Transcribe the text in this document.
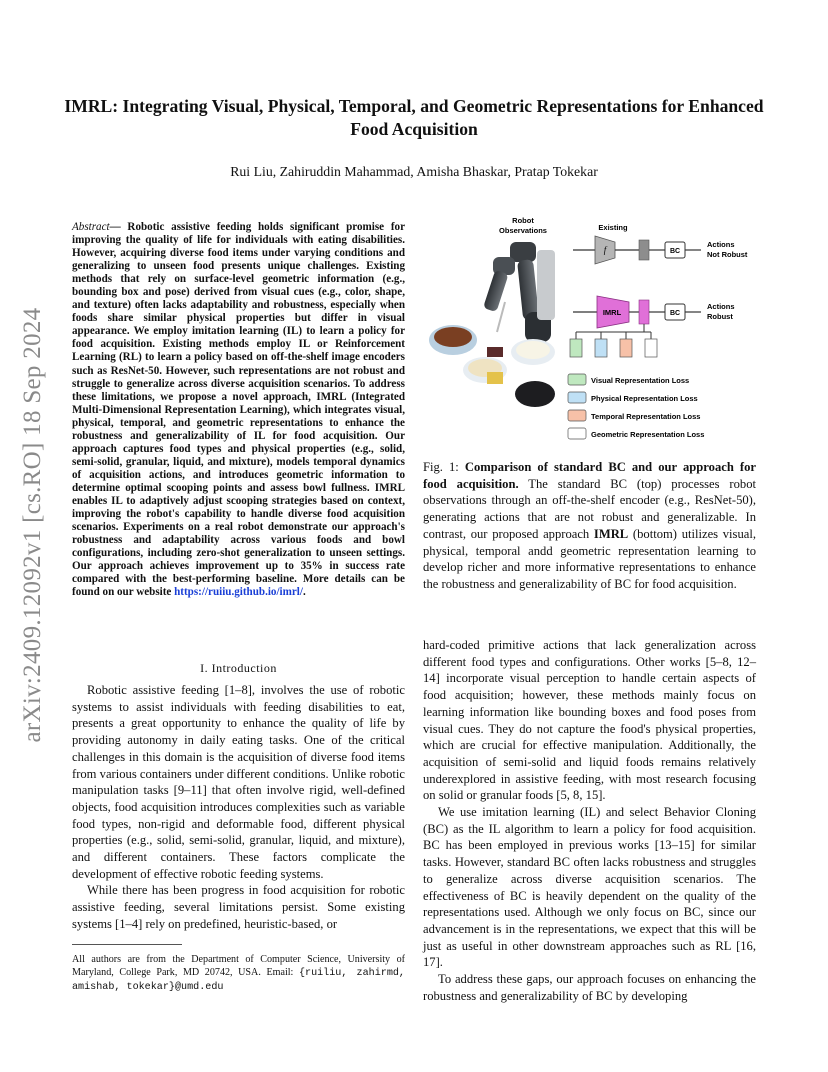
arXiv:2409.12092v1 [cs.RO] 18 Sep 2024
IMRL: Integrating Visual, Physical, Temporal, and Geometric Representations for Enhanced Food Acquisition
Rui Liu, Zahiruddin Mahammad, Amisha Bhaskar, Pratap Tokekar
Abstract— Robotic assistive feeding holds significant promise for improving the quality of life for individuals with eating disabilities. However, acquiring diverse food items under varying conditions and generalizing to unseen food presents unique challenges. Existing methods that rely on surface-level geometric information (e.g., bounding box and pose) derived from visual cues (e.g., color, shape, and texture) often lacks adaptability and robustness, especially when foods share similar physical properties but differ in visual appearance. We employ imitation learning (IL) to learn a policy for food acquisition. Existing methods employ IL or Reinforcement Learning (RL) to learn a policy based on off-the-shelf image encoders such as ResNet-50. However, such representations are not robust and struggle to generalize across diverse acquisition scenarios. To address these limitations, we propose a novel approach, IMRL (Integrated Multi-Dimensional Representation Learning), which integrates visual, physical, temporal, and geometric representations to enhance the robustness and generalizability of IL for food acquisition. Our approach captures food types and physical properties (e.g., solid, semi-solid, granular, liquid, and mixture), models temporal dynamics of acquisition actions, and introduces geometric information to determine optimal scooping points and assess bowl fullness. IMRL enables IL to adaptively adjust scooping strategies based on context, improving the robot's capability to handle diverse food acquisition scenarios. Experiments on a real robot demonstrate our approach's robustness and adaptability across various foods and bowl configurations, including zero-shot generalization to unseen settings. Our approach achieves improvement up to 35% in success rate compared with the best-performing baseline. More details can be found on our website https://ruiiu.github.io/imrl/.
I. Introduction

Robotic assistive feeding [1–8], involves the use of robotic systems to assist individuals with feeding disabilities to eat, presents a great opportunity to enhance the quality of life by providing autonomy in daily eating tasks. One of the critical challenges in this domain is the acquisition of diverse food items from various containers under different conditions. Unlike robotic manipulation tasks [9–11] that often involve rigid, well-defined objects, food acquisition introduces complexities such as variable food types, non-rigid and deformable food, different physical properties (e.g., solid, semi-solid, granular, liquid, and mixture), and different containers. These factors complicate the development of effective robotic feeding systems.

While there has been progress in food acquisition for robotic assistive feeding, several limitations persist. Some existing systems [1–4] rely on predefined, heuristic-based, or

All authors are from the Department of Computer Science, University of Maryland, College Park, MD 20742, USA. Email: {ruiliu, zahirmd, amishab, tokekar}@umd.edu
Robot
Observations	Existing
f	BC
Actions
Not Robust
IMRL	BC
Actions
Robust
Visual Representation Loss
Physical Representation Loss
Temporal Representation Loss
Geometric Representation Loss
Fig. 1: Comparison of standard BC and our approach for food acquisition. The standard BC (top) processes robot observations through an off-the-shelf encoder (e.g., ResNet-50), generating actions that are not robust and generalizable. In contrast, our proposed approach IMRL (bottom) utilizes visual, physical, temporal andd geometric representation learning to develop richer and more informative representations to enhance the robustness and generalizability of BC for food acquisition.

hard-coded primitive actions that lack generalization across different food types and configurations. Other works [5–8, 12–14] incorporate visual perception to handle certain aspects of food acquisition; however, these methods mainly focus on learning information like bounding boxes and food poses from visual cues. They do not capture the food's physical properties, which are crucial for effective manipulation. Additionally, the acquisition of semi-solid and liquid foods remains relatively underexplored in assistive feeding, with most research focusing on solid or granular foods [5, 8, 15].

We use imitation learning (IL) and select Behavior Cloning (BC) as the IL algorithm to learn a policy for food acquisition. BC has been employed in previous works [13–15] for similar tasks. However, standard BC often lacks robustness and struggles to generalize across diverse acquisition scenarios. The effectiveness of BC is heavily dependent on the quality of the representations used. Although we only focus on BC, since our advancement is in the representations, we expect that this will be just as useful in other downstream approaches such as RL [16, 17].

To address these gaps, our approach focuses on enhancing the robustness and generalizability of BC by developing
